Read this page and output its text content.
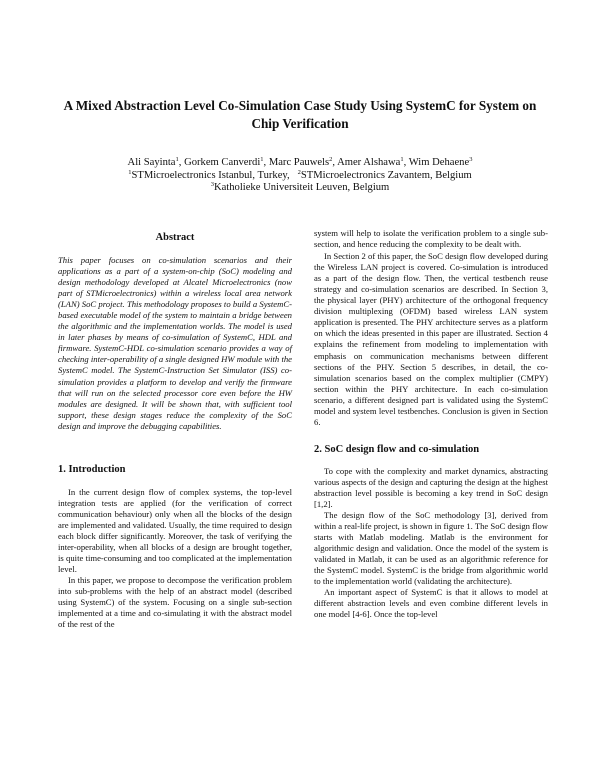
A Mixed Abstraction Level Co-Simulation Case Study Using SystemC for System on Chip Verification
Ali Sayinta$^1$, Gorkem Canverdi$^1$, Marc Pauwels$^2$, Amer Alshawa$^1$, Wim Dehaene$^3$
$^1$STMicroelectronics Istanbul, Turkey, $^2$STMicroelectronics Zavantem, Belgium
$^3$Katholieke Universiteit Leuven, Belgium
Abstract

This paper focuses on co-simulation scenarios and their applications as a part of a system-on-chip (SoC) modeling and design methodology developed at Alcatel Microelectronics (now part of STMicroelectronics) within a wireless local area network (LAN) SoC project. This methodology proposes to build a SystemC-based executable model of the system to maintain a bridge between the algorithmic and the implementation worlds. The model is used in later phases by means of co-simulation of SystemC, HDL and firmware. SystemC-HDL co-simulation scenario provides a way of checking inter-operability of a single designed HW module with the SystemC model. The SystemC-Instruction Set Simulator (ISS) co-simulation provides a platform to develop and verify the firmware that will run on the selected processor core even before the HW modules are designed. It will be shown that, with sufficient tool support, these design stages reduce the complexity of the SoC design and improve the debugging capabilities.

1. Introduction

In the current design flow of complex systems, the top-level integration tests are applied (for the verification of correct communication behaviour) only when all the blocks of the design are implemented and validated. Usually, the time required to design each block differ significantly. Moreover, the task of verifying the inter-operability, when all blocks of a design are brought together, is quite time-consuming and too complicated at the implementation level.

In this paper, we propose to decompose the verification problem into sub-problems with the help of an abstract model (described using SystemC) of the system. Focusing on a single sub-section implemented at a time and co-simulating it with the abstract model of the rest of the

system will help to isolate the verification problem to a single sub-section, and hence reducing the complexity to be dealt with.

In Section 2 of this paper, the SoC design flow developed during the Wireless LAN project is covered. Co-simulation is introduced as a part of the design flow. Then, the vertical testbench reuse strategy and co-simulation scenarios are described. In Section 3, the physical layer (PHY) architecture of the orthogonal frequency division multiplexing (OFDM) based wireless LAN system application is presented. The PHY architecture serves as a platform on which the ideas presented in this paper are illustrated. Section 4 explains the refinement from modeling to implementation with emphasis on communication mechanisms between different sections of the PHY. Section 5 describes, in detail, the co-simulation scenarios based on the complex multiplier (CMPY) section within the PHY architecture. In each co-simulation scenario, a different designed part is validated using the SystemC model and system level testbenches. Conclusion is given in Section 6.

2. SoC design flow and co-simulation

To cope with the complexity and market dynamics, abstracting various aspects of the design and capturing the design at the highest abstraction level possible is becoming a key trend in SoC design [1,2].

The design flow of the SoC methodology [3], derived from within a real-life project, is shown in figure 1. The SoC design flow starts with Matlab modeling. Matlab is the environment for algorithmic design and validation. Once the model of the system is validated in Matlab, it can be used as an algorithmic reference for the SystemC model. SystemC is the bridge from algorithmic world to the implementation world (validating the architecture).

An important aspect of SystemC is that it allows to model at different abstraction levels and even combine different levels in one model [4-6]. Once the top-level
